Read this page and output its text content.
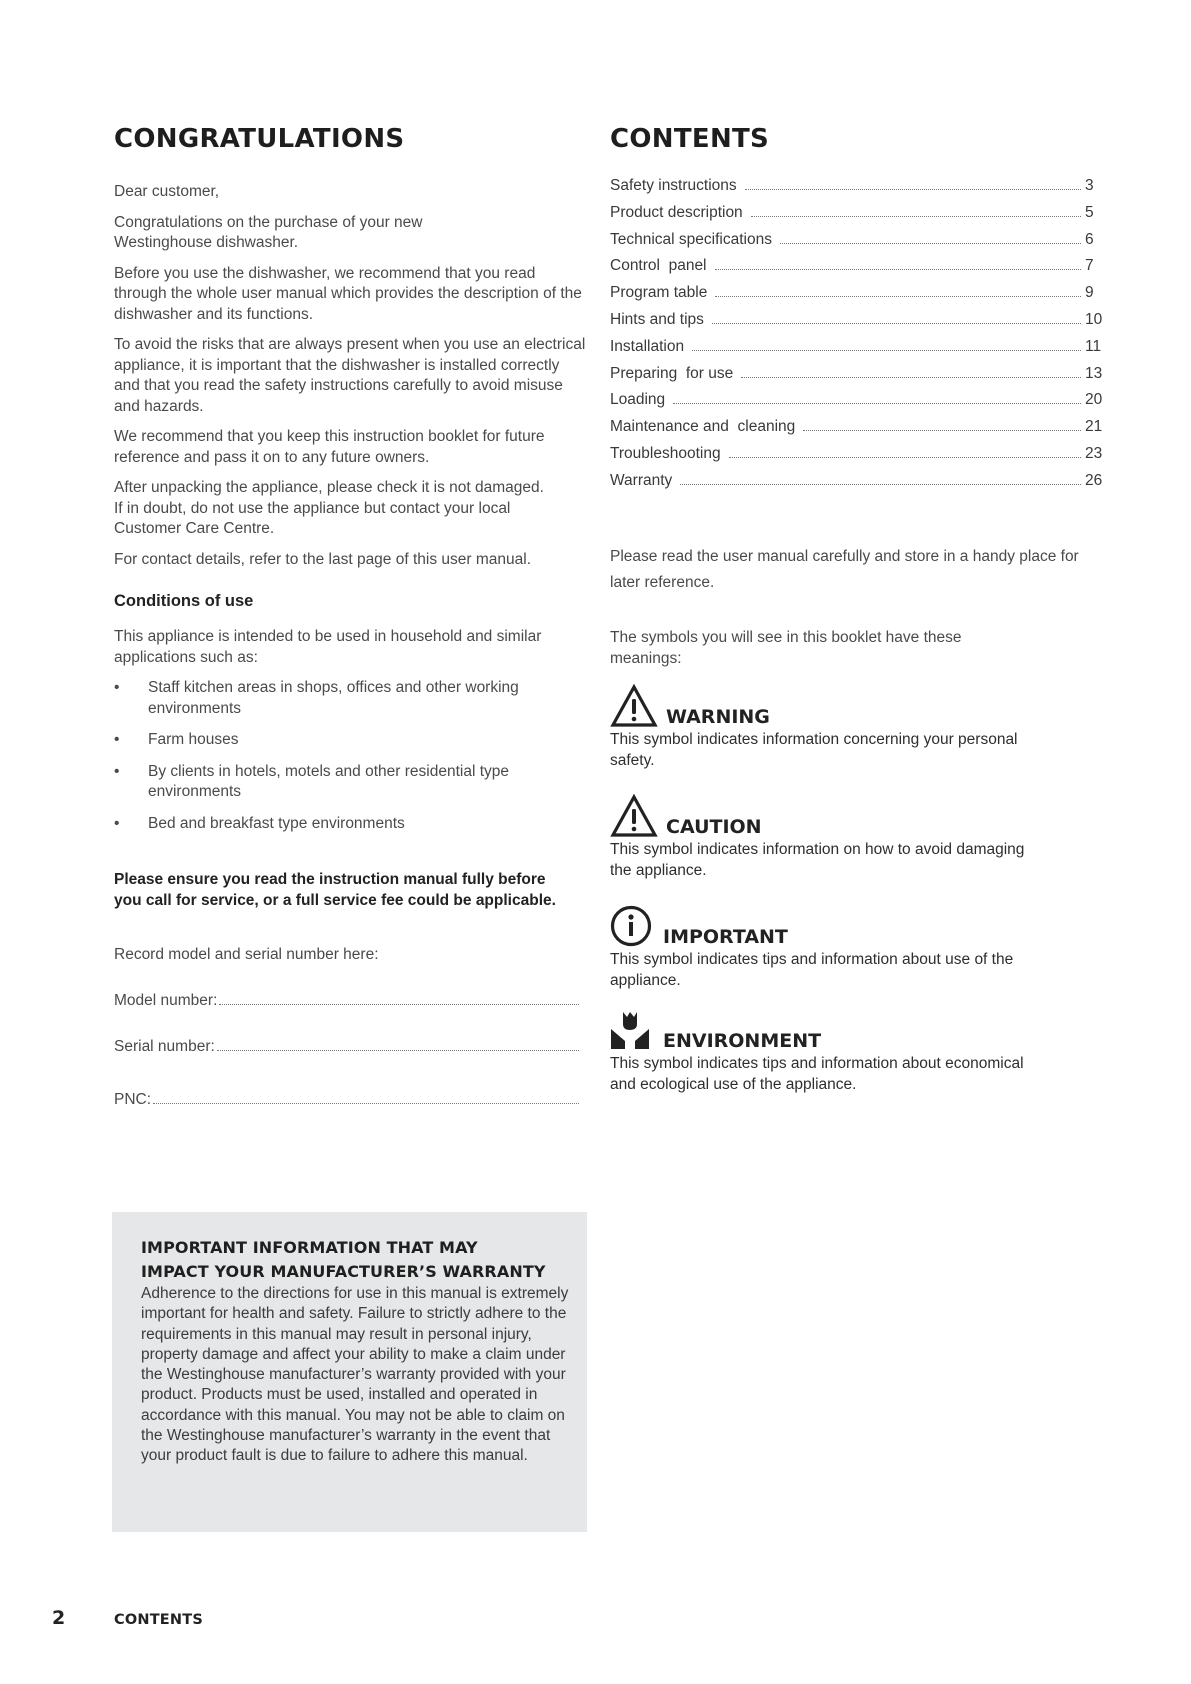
CONGRATULATIONS

Dear customer,

Congratulations on the purchase of your new Westinghouse dishwasher.

Before you use the dishwasher, we recommend that you read through the whole user manual which provides the description of the dishwasher and its functions.

To avoid the risks that are always present when you use an electrical appliance, it is important that the dishwasher is installed correctly and that you read the safety instructions carefully to avoid misuse and hazards.

We recommend that you keep this instruction booklet for future reference and pass it on to any future owners.

After unpacking the appliance, please check it is not damaged. If in doubt, do not use the appliance but contact your local Customer Care Centre.

For contact details, refer to the last page of this user manual.

Conditions of use

This appliance is intended to be used in household and similar applications such as:

• Staff kitchen areas in shops, offices and other working environments
• Farm houses
• By clients in hotels, motels and other residential type environments
• Bed and breakfast type environments

Please ensure you read the instruction manual fully before you call for service, or a full service fee could be applicable.

Record model and serial number here:

Model number:
Serial number:
PNC:
IMPORTANT INFORMATION THAT MAY
IMPACT YOUR MANUFACTURER’S WARRANTY
Adherence to the directions for use in this manual is extremely important for health and safety. Failure to strictly adhere to the requirements in this manual may result in personal injury, property damage and affect your ability to make a claim under the Westinghouse manufacturer’s warranty provided with your product. Products must be used, installed and operated in accordance with this manual. You may not be able to claim on the Westinghouse manufacturer’s warranty in the event that your product fault is due to failure to adhere this manual.
CONTENTS
Safety instructions	3
Product description	5
Technical specifications	6
Control  panel	7
Program table	9
Hints and tips	10
Installation	11
Preparing  for use	13
Loading	20
Maintenance and  cleaning	21
Troubleshooting	23
Warranty	26

Please read the user manual carefully and store in a handy place for later reference.

The symbols you will see in this booklet have these meanings:

WARNING
This symbol indicates information concerning your personal safety.
CAUTION
This symbol indicates information on how to avoid damaging the appliance.
IMPORTANT
This symbol indicates tips and information about use of the appliance.
ENVIRONMENT
This symbol indicates tips and information about economical and ecological use of the appliance.
2	CONTENTS
